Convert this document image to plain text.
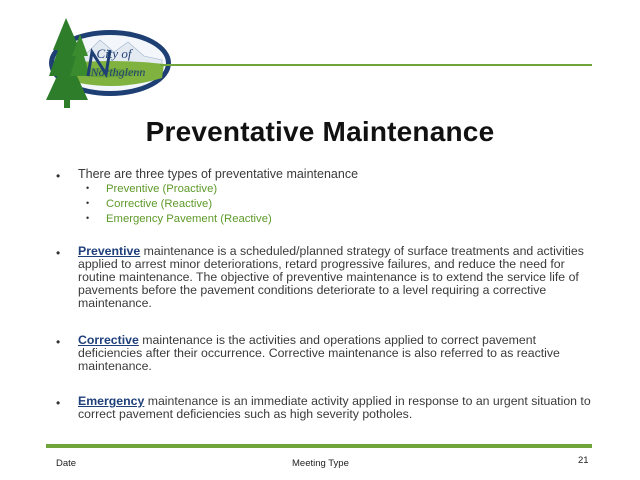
City of
Northglenn
Preventative Maintenance
• There are three types of preventative maintenance
• Preventive (Proactive)
• Corrective (Reactive)
• Emergency Pavement (Reactive)
• Preventive maintenance is a scheduled/planned strategy of surface treatments and activities applied to arrest minor deteriorations, retard progressive failures, and reduce the need for routine maintenance. The objective of preventive maintenance is to extend the service life of pavements before the pavement conditions deteriorate to a level requiring a corrective maintenance.
• Corrective maintenance is the activities and operations applied to correct pavement deficiencies after their occurrence. Corrective maintenance is also referred to as reactive maintenance.
• Emergency maintenance is an immediate activity applied in response to an urgent situation to correct pavement deficiencies such as high severity potholes.
Date	Meeting Type	21
